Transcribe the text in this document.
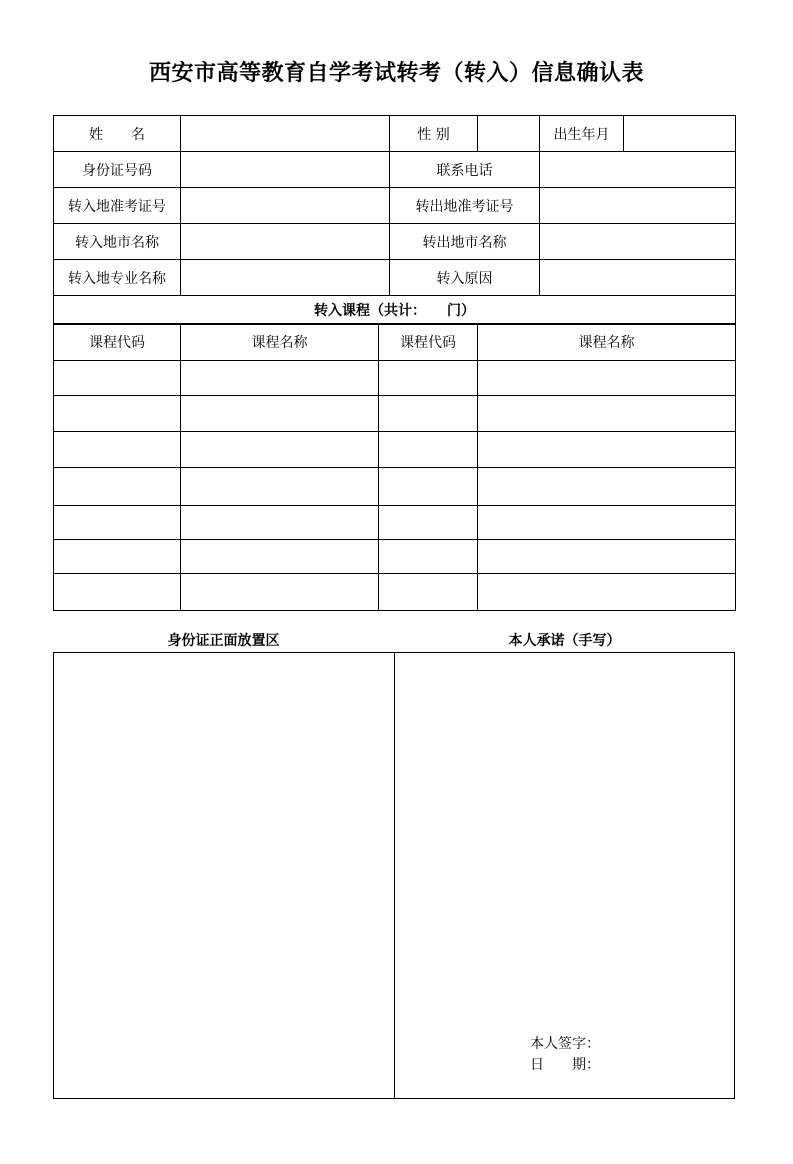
西安市高等教育自学考试转考（转入）信息确认表
姓　　名		性 别		出生年月	
身份证号码		联系电话			
转入地准考证号		转出地准考证号			
转入地市名称		转出地市名称			
转入地专业名称		转入原因			
转入课程（共计：　　门）					
课程代码	课程名称	课程代码	课程名称

身份证正面放置区	本人承诺（手写）
本人签字：
日　　期：
